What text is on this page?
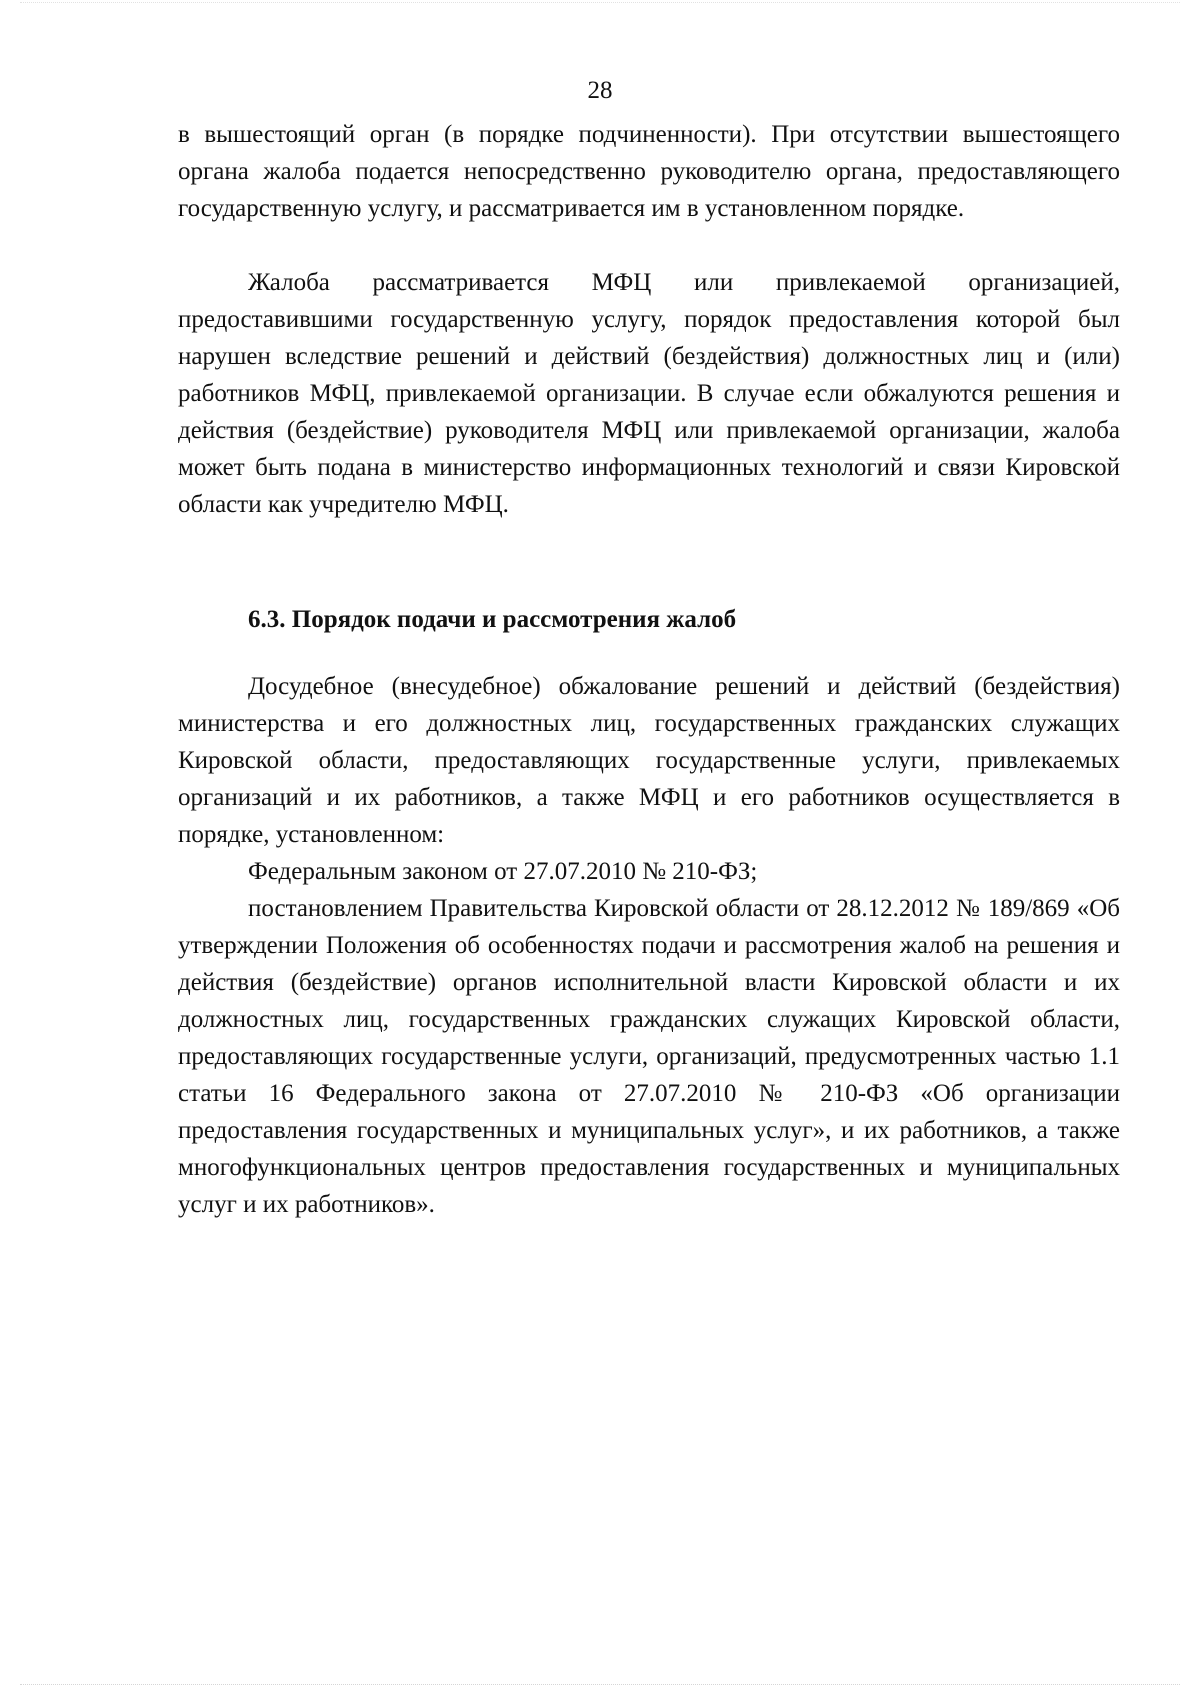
28

в вышестоящий орган (в порядке подчиненности). При отсутствии вышестоящего органа жалоба подается непосредственно руководителю органа, предоставляющего государственную услугу, и рассматривается им в установленном порядке.

Жалоба рассматривается МФЦ или привлекаемой организацией, предоставившими государственную услугу, порядок предоставления которой был нарушен вследствие решений и действий (бездействия) должностных лиц и (или) работников МФЦ, привлекаемой организации. В случае если обжалуются решения и действия (бездействие) руководителя МФЦ или привлекаемой организации, жалоба может быть подана в министерство информационных технологий и связи Кировской области как учредителю МФЦ.

6.3. Порядок подачи и рассмотрения жалоб

Досудебное (внесудебное) обжалование решений и действий (бездействия) министерства и его должностных лиц, государственных гражданских служащих Кировской области, предоставляющих государственные услуги, привлекаемых организаций и их работников, а также МФЦ и его работников осуществляется в порядке, установленном:

Федеральным законом от 27.07.2010 № 210-ФЗ;

постановлением Правительства Кировской области от 28.12.2012 № 189/869 «Об утверждении Положения об особенностях подачи и рассмотрения жалоб на решения и действия (бездействие) органов исполнительной власти Кировской области и их должностных лиц, государственных гражданских служащих Кировской области, предоставляющих государственные услуги, организаций, предусмотренных частью 1.1 статьи 16 Федерального закона от 27.07.2010 № 210-ФЗ «Об организации предоставления государственных и муниципальных услуг», и их работников, а также многофункциональных центров предоставления государственных и муниципальных услуг и их работников».
